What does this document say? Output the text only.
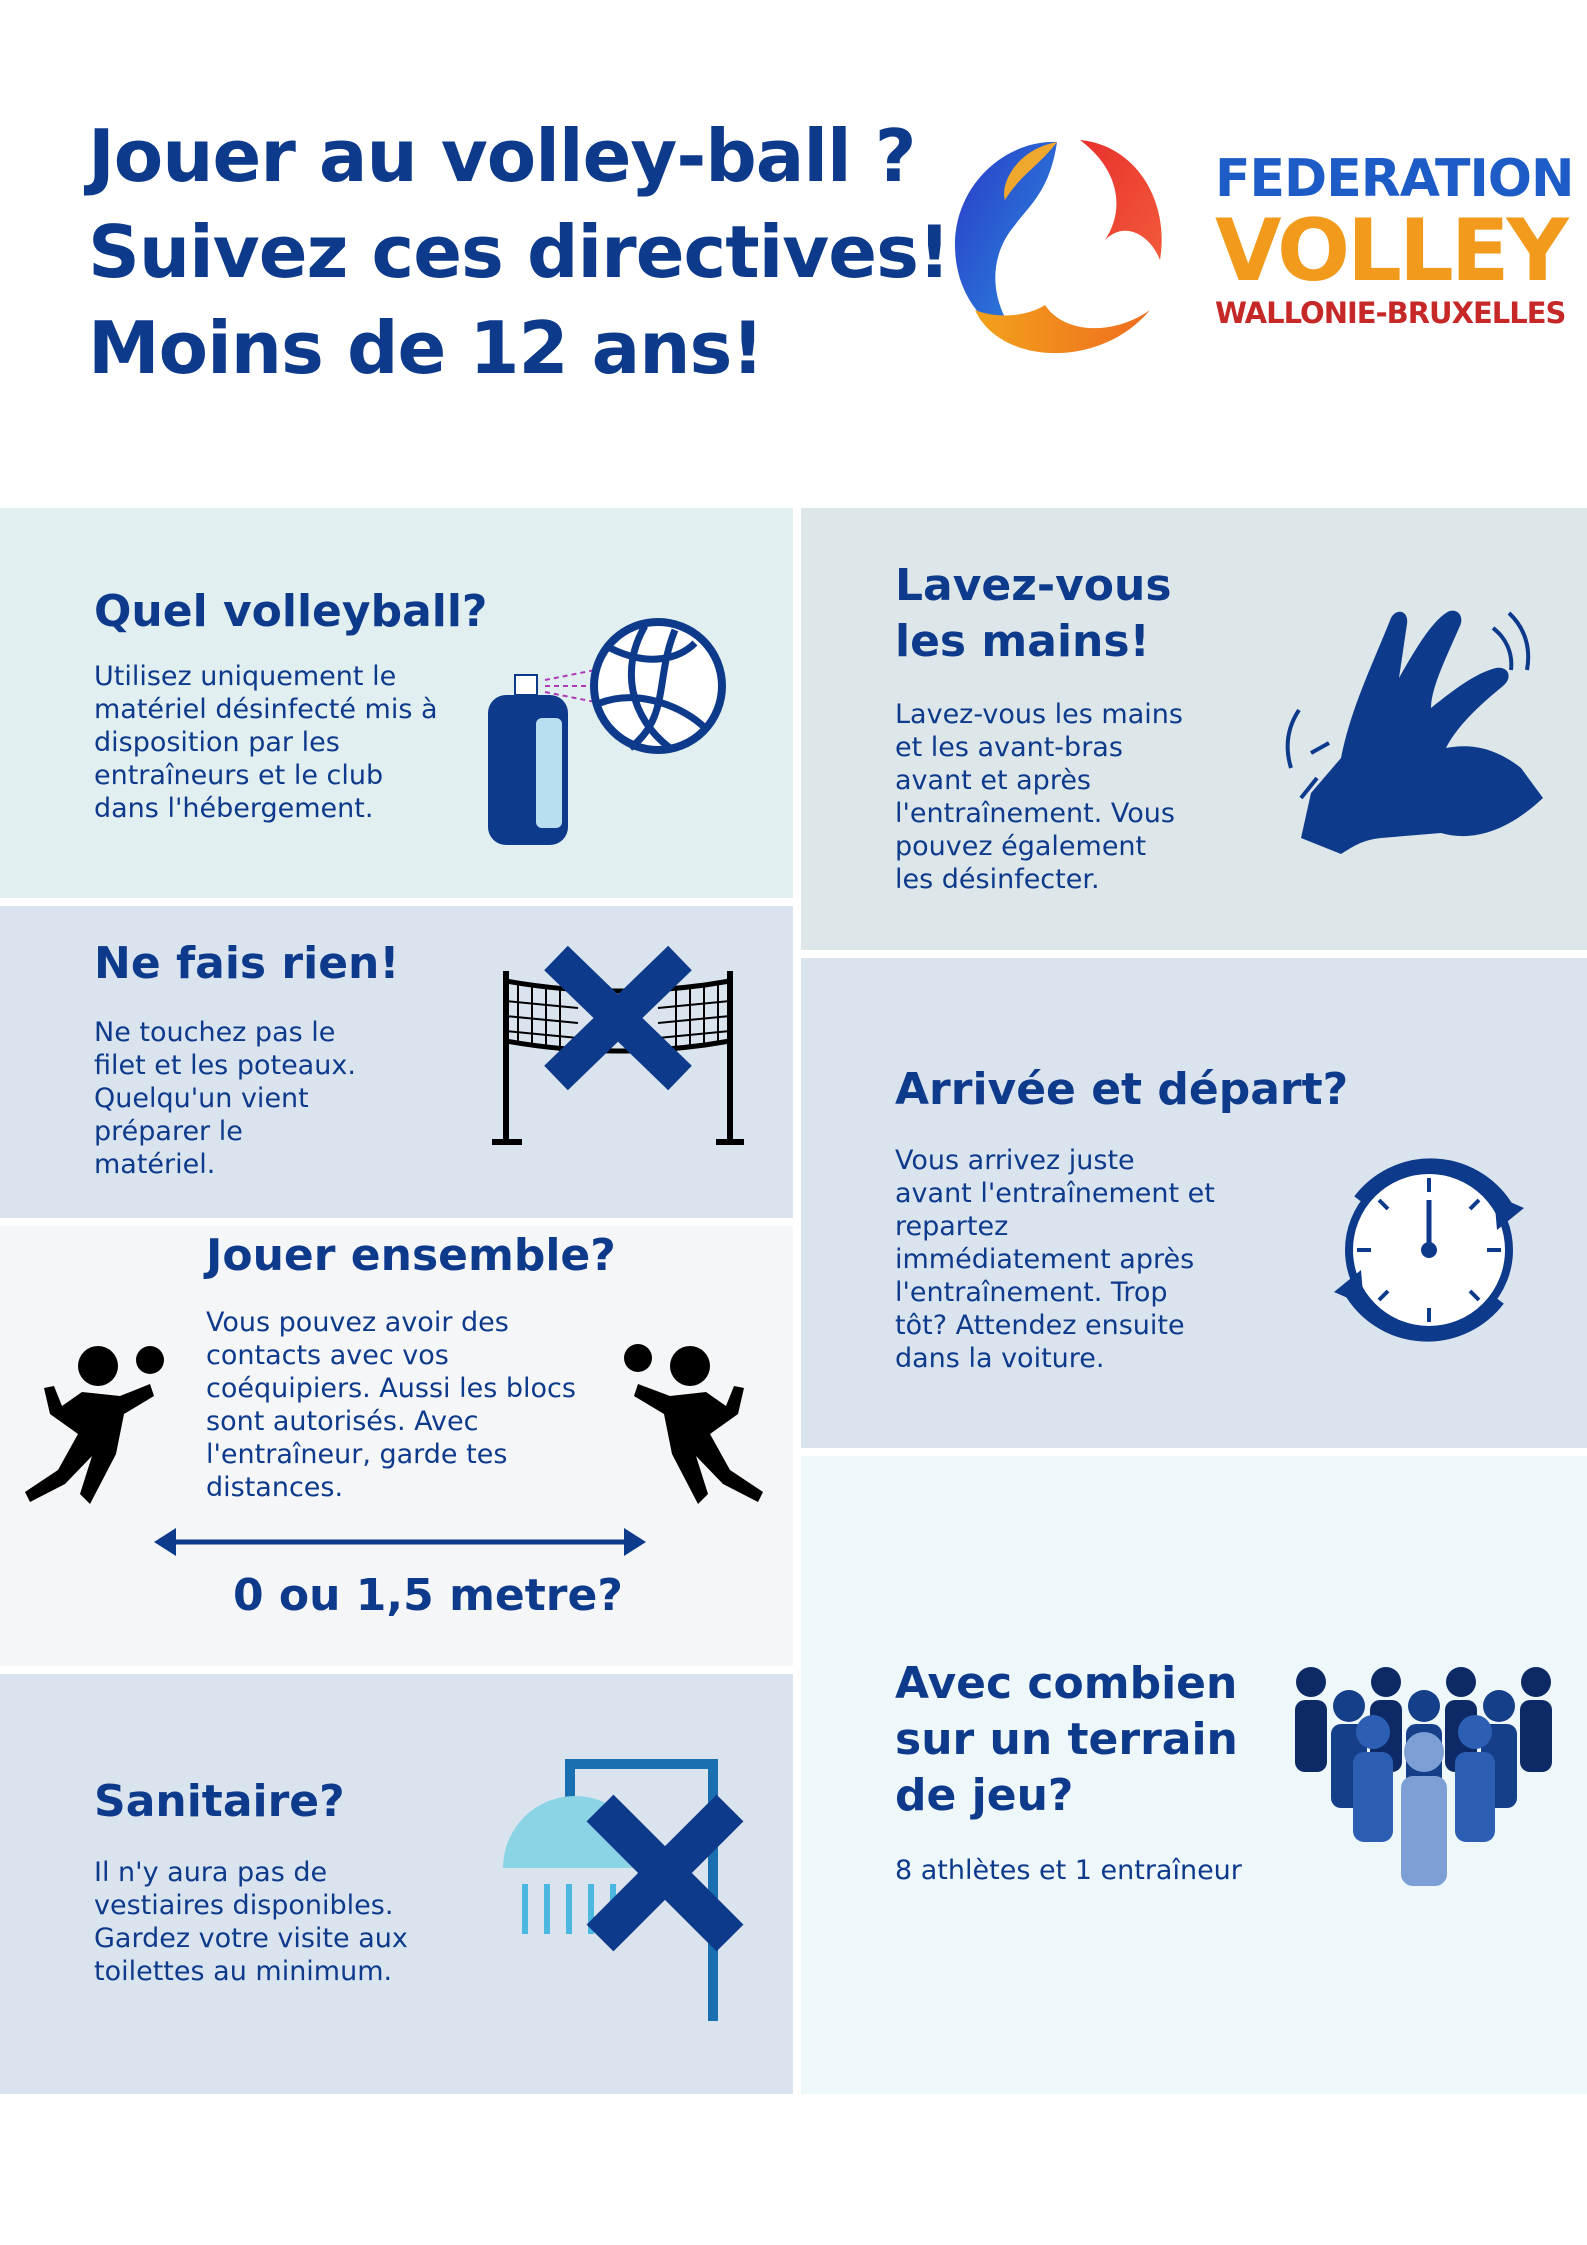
Jouer au volley-ball ?
Suivez ces directives!
Moins de 12 ans!
FEDERATION
VOLLEY
WALLONIE-BRUXELLES
Quel volleyball?

Utilisez uniquement le matériel désinfecté mis à disposition par les entraîneurs et le club dans l'hébergement.

Ne fais rien!

Ne touchez pas le filet et les poteaux. Quelqu'un vient préparer le matériel.

Jouer ensemble?

Vous pouvez avoir des contacts avec vos coéquipiers. Aussi les blocs sont autorisés. Avec l'entraîneur, garde tes distances.

0 ou 1,5 metre?
Sanitaire?

Il n'y aura pas de vestiaires disponibles. Gardez votre visite aux toilettes au minimum.

Lavez-vous les mains!

Lavez-vous les mains et les avant-bras avant et après l'entraînement. Vous pouvez également les désinfecter.

Arrivée et départ?

Vous arrivez juste avant l'entraînement et repartez immédiatement après l'entraînement. Trop tôt? Attendez ensuite dans la voiture.

Avec combien sur un terrain de jeu?

8 athlètes et 1 entraîneur
